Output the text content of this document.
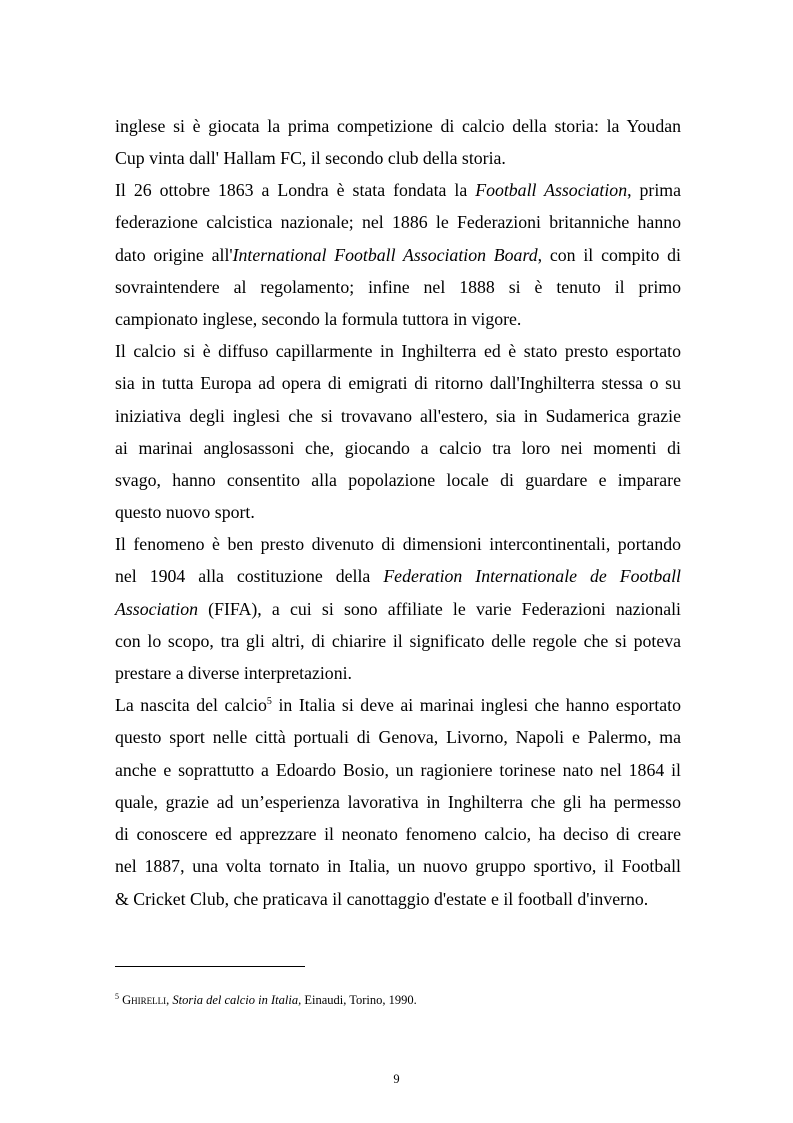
inglese si è giocata la prima competizione di calcio della storia: la Youdan
Cup vinta dall' Hallam FC, il secondo club della storia.
Il 26 ottobre 1863 a Londra è stata fondata la Football Association, prima
federazione calcistica nazionale; nel 1886 le Federazioni britanniche hanno
dato origine all'International Football Association Board, con il compito di
sovraintendere al regolamento; infine nel 1888 si è tenuto il primo
campionato inglese, secondo la formula tuttora in vigore.
Il calcio si è diffuso capillarmente in Inghilterra ed è stato presto esportato
sia in tutta Europa ad opera di emigrati di ritorno dall'Inghilterra stessa o su
iniziativa degli inglesi che si trovavano all'estero, sia in Sudamerica grazie
ai marinai anglosassoni che, giocando a calcio tra loro nei momenti di
svago, hanno consentito alla popolazione locale di guardare e imparare
questo nuovo sport.
Il fenomeno è ben presto divenuto di dimensioni intercontinentali, portando
nel 1904 alla costituzione della Federation Internationale de Football
Association (FIFA), a cui si sono affiliate le varie Federazioni nazionali
con lo scopo, tra gli altri, di chiarire il significato delle regole che si poteva
prestare a diverse interpretazioni.
La nascita del calcio$^5$ in Italia si deve ai marinai inglesi che hanno esportato
questo sport nelle città portuali di Genova, Livorno, Napoli e Palermo, ma
anche e soprattutto a Edoardo Bosio, un ragioniere torinese nato nel 1864 il
quale, grazie ad un’esperienza lavorativa in Inghilterra che gli ha permesso
di conoscere ed apprezzare il neonato fenomeno calcio, ha deciso di creare
nel 1887, una volta tornato in Italia, un nuovo gruppo sportivo, il Football
& Cricket Club, che praticava il canottaggio d'estate e il football d'inverno.
$^5$ Ghirelli, Storia del calcio in Italia, Einaudi, Torino, 1990.
9
